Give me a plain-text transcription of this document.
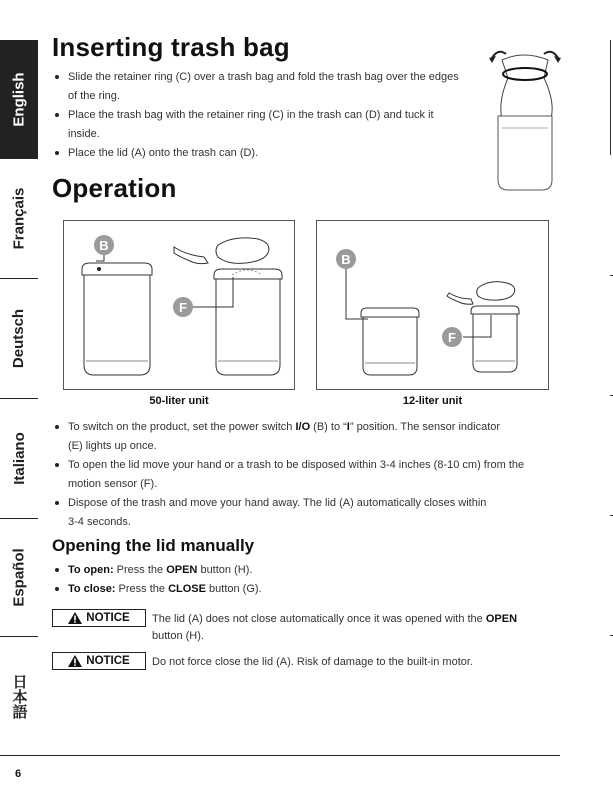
English
Français
Deutsch
Italiano
Español
日本語
Inserting trash bag
Slide the retainer ring (C) over a trash bag and fold the trash bag over the edges
of the ring.
Place the trash bag with the retainer ring (C) in the trash can (D) and tuck it
inside.
Place the lid (A) onto the trash can (D).
Operation
B
F
50-liter unit
B
F
12-liter unit
To switch on the product, set the power switch I/O (B) to “I” position. The sensor indicator
(E) lights up once.
To open the lid move your hand or a trash to be disposed within 3-4 inches (8-10 cm) from the
motion sensor (F).
Dispose of the trash and move your hand away. The lid (A) automatically closes within
3-4 seconds.
Opening the lid manually
To open: Press the OPEN button (H).
To close: Press the CLOSE button (G).
NOTICE The lid (A) does not close automatically once it was opened with the OPEN
button (H).
NOTICE Do not force close the lid (A). Risk of damage to the built-in motor.
6
